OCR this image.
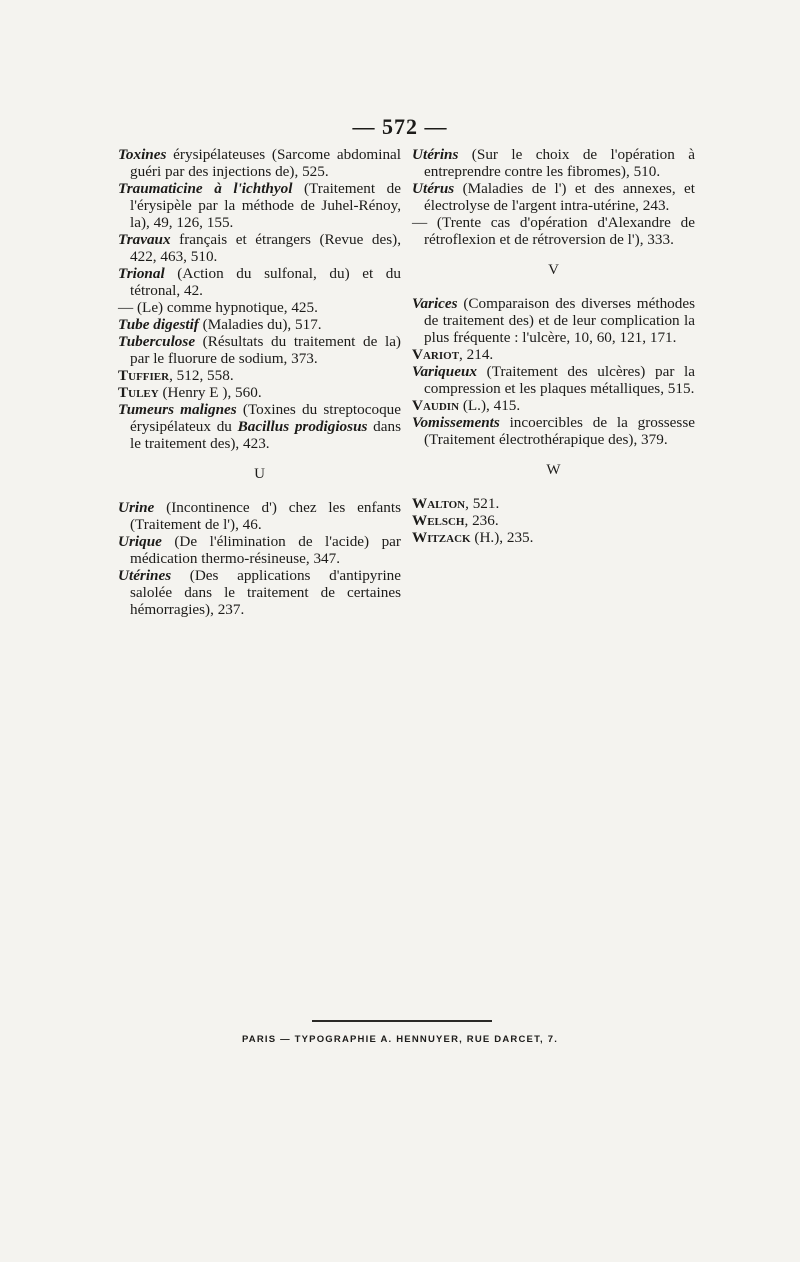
— 572 —

Toxines érysipélateuses (Sarcome abdominal guéri par des injections de), 525.

Traumaticine à l'ichthyol (Traitement de l'érysipèle par la méthode de Juhel-Rénoy, la), 49, 126, 155.

Travaux français et étrangers (Revue des), 422, 463, 510.

Trional (Action du sulfonal, du) et du tétronal, 42.

— (Le) comme hypnotique, 425.

Tube digestif (Maladies du), 517.

Tuberculose (Résultats du traitement de la) par le fluorure de sodium, 373.

Tuffier, 512, 558.

Tuley (Henry E ), 560.

Tumeurs malignes (Toxines du streptocoque érysipélateux du Bacillus prodigiosus dans le traitement des), 423.

U

Urine (Incontinence d') chez les enfants (Traitement de l'), 46.

Urique (De l'élimination de l'acide) par médication thermo-résineuse, 347.

Utérines (Des applications d'antipyrine salolée dans le traitement de certaines hémorragies), 237.

Utérins (Sur le choix de l'opération à entreprendre contre les fibromes), 510.

Utérus (Maladies de l') et des annexes, et électrolyse de l'argent intra-utérine, 243.

— (Trente cas d'opération d'Alexandre de rétroflexion et de rétroversion de l'), 333.

V

Varices (Comparaison des diverses méthodes de traitement des) et de leur complication la plus fréquente : l'ulcère, 10, 60, 121, 171.

Variot, 214.

Variqueux (Traitement des ulcères) par la compression et les plaques métalliques, 515.

Vaudin (L.), 415.

Vomissements incoercibles de la grossesse (Traitement électrothérapique des), 379.

W

Walton, 521.

Welsch, 236.

Witzack (H.), 235.

PARIS — TYPOGRAPHIE A. HENNUYER, RUE DARCET, 7.
